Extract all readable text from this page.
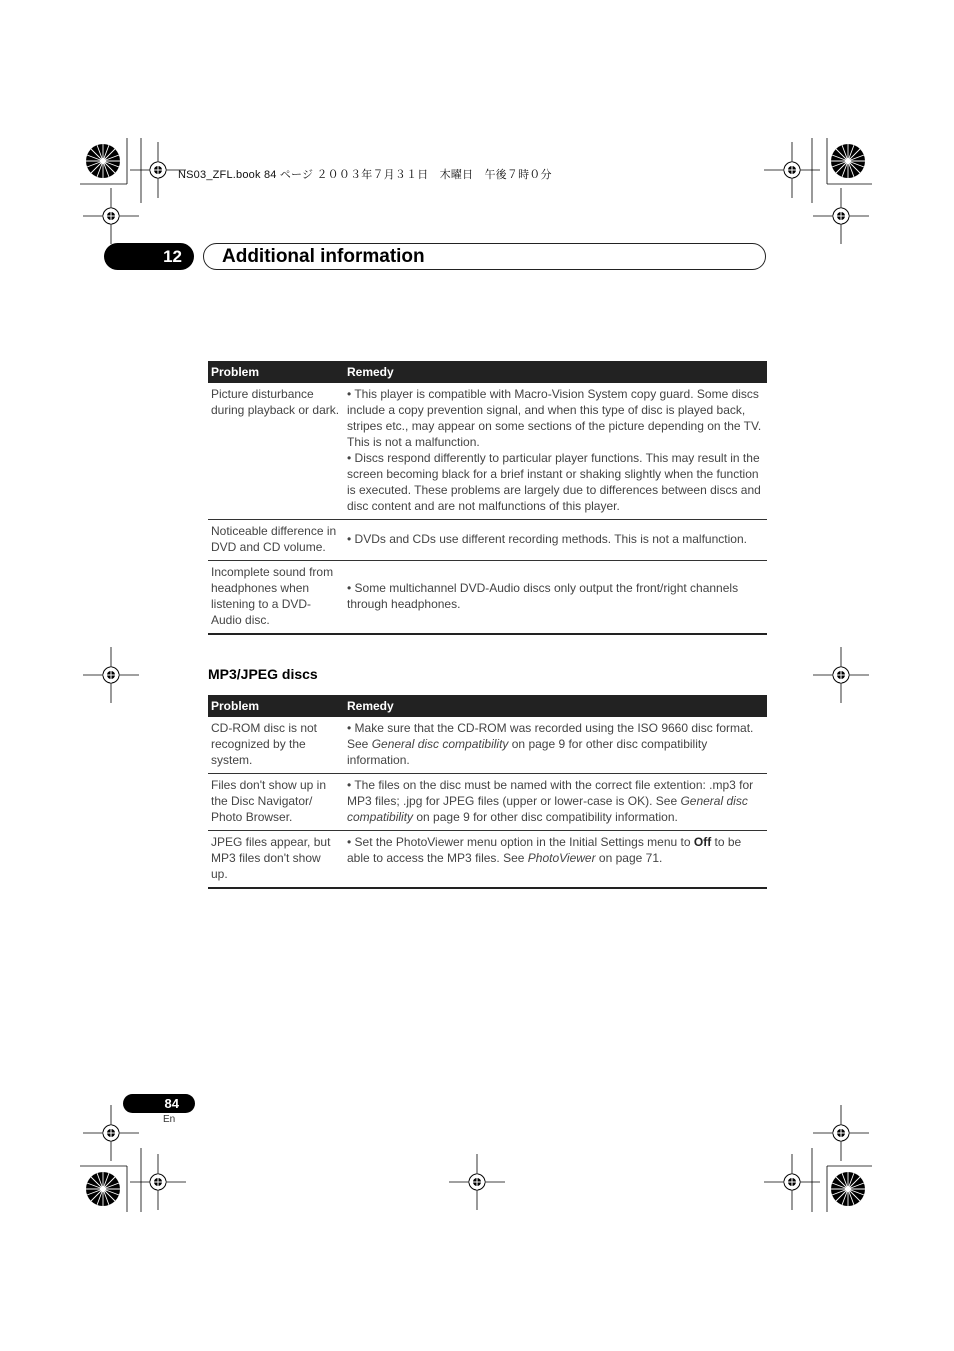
NS03_ZFL.book 84 ページ ２００３年７月３１日　木曜日　午後７時０分
12	Additional information
Problem	Remedy
Picture disturbance during playback or dark.	• This player is compatible with Macro-Vision System copy guard. Some discs include a copy prevention signal, and when this type of disc is played back, stripes etc., may appear on some sections of the picture depending on the TV. This is not a malfunction.

• Discs respond differently to particular player functions. This may result in the screen becoming black for a brief instant or shaking slightly when the function is executed. These problems are largely due to differences between discs and disc content and are not malfunctions of this player.

Noticeable difference in DVD and CD volume.	• DVDs and CDs use different recording methods. This is not a malfunction.

Incomplete sound from headphones when listening to a DVD-Audio disc.	• Some multichannel DVD-Audio discs only output the front/right channels through headphones.

MP3/JPEG discs
Problem	Remedy
CD-ROM disc is not recognized by the system.	• Make sure that the CD-ROM was recorded using the ISO 9660 disc format. See General disc compatibility on page 9 for other disc compatibility information.
Files don't show up in the Disc Navigator/ Photo Browser.	• The files on the disc must be named with the correct file extention: .mp3 for MP3 files; .jpg for JPEG files (upper or lower-case is OK). See General disc compatibility on page 9 for other disc compatibility information.
JPEG files appear, but MP3 files don't show up.	• Set the PhotoViewer menu option in the Initial Settings menu to Off to be able to access the MP3 files. See PhotoViewer on page 71.
84
En
